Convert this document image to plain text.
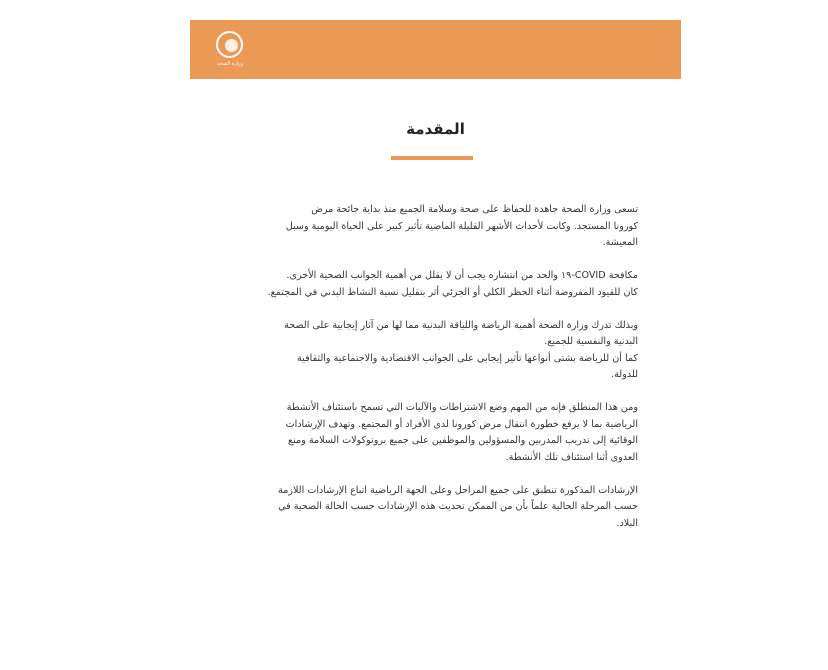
وزارة الصحة
المقدمة
تسعى وزارة الصحة جاهدة للحفاظ على صحة وسلامة الجميع منذ بداية جائحة مرض
كورونا المستجد. وكانت لأحداث الأشهر القليلة الماضية تأثير كبير على الحياة اليومية وسبل
المعيشة.
مكافحة COVID-١٩ والحد من انتشاره يجب أن لا يقلل من أهمية الجوانب الصحية الأخرى.
كان للقيود المفروضة أثناء الحظر الكلي أو الجزئي أثر بتقليل نسبة النشاط البدني في المجتمع.
وبذلك تدرك وزارة الصحة أهمية الرياضة واللياقة البدنية مما لها من آثار إيجابية على الصحة
البدنية والنفسية للجميع.
كما أن للرياضة بشتى أنواعها تأثير إيجابي على الجوانب الاقتصادية والاجتماعية والثقافية
للدولة.
ومن هذا المنطلق فإنه من المهم وضع الاشتراطات والآليات التي تسمح باستئناف الأنشطة
الرياضية بما لا يرفع خطورة انتقال مرض كورونا لدى الأفراد أو المجتمع. وتهدف الإرشادات
الوقائية إلى تدريب المدربين والمسؤولين والموظفين على جميع بروتوكولات السلامة ومنع
العدوى أثنا استئناف تلك الأنشطة.
الإرشادات المذكورة تنطبق على جميع المراحل وعلى الجهة الرياضية اتباع الإرشادات اللازمة
حسب المرحلة الحالية علماً بأن من الممكن تحديث هذه الإرشادات حسب الحالة الصحية في
البلاد.
